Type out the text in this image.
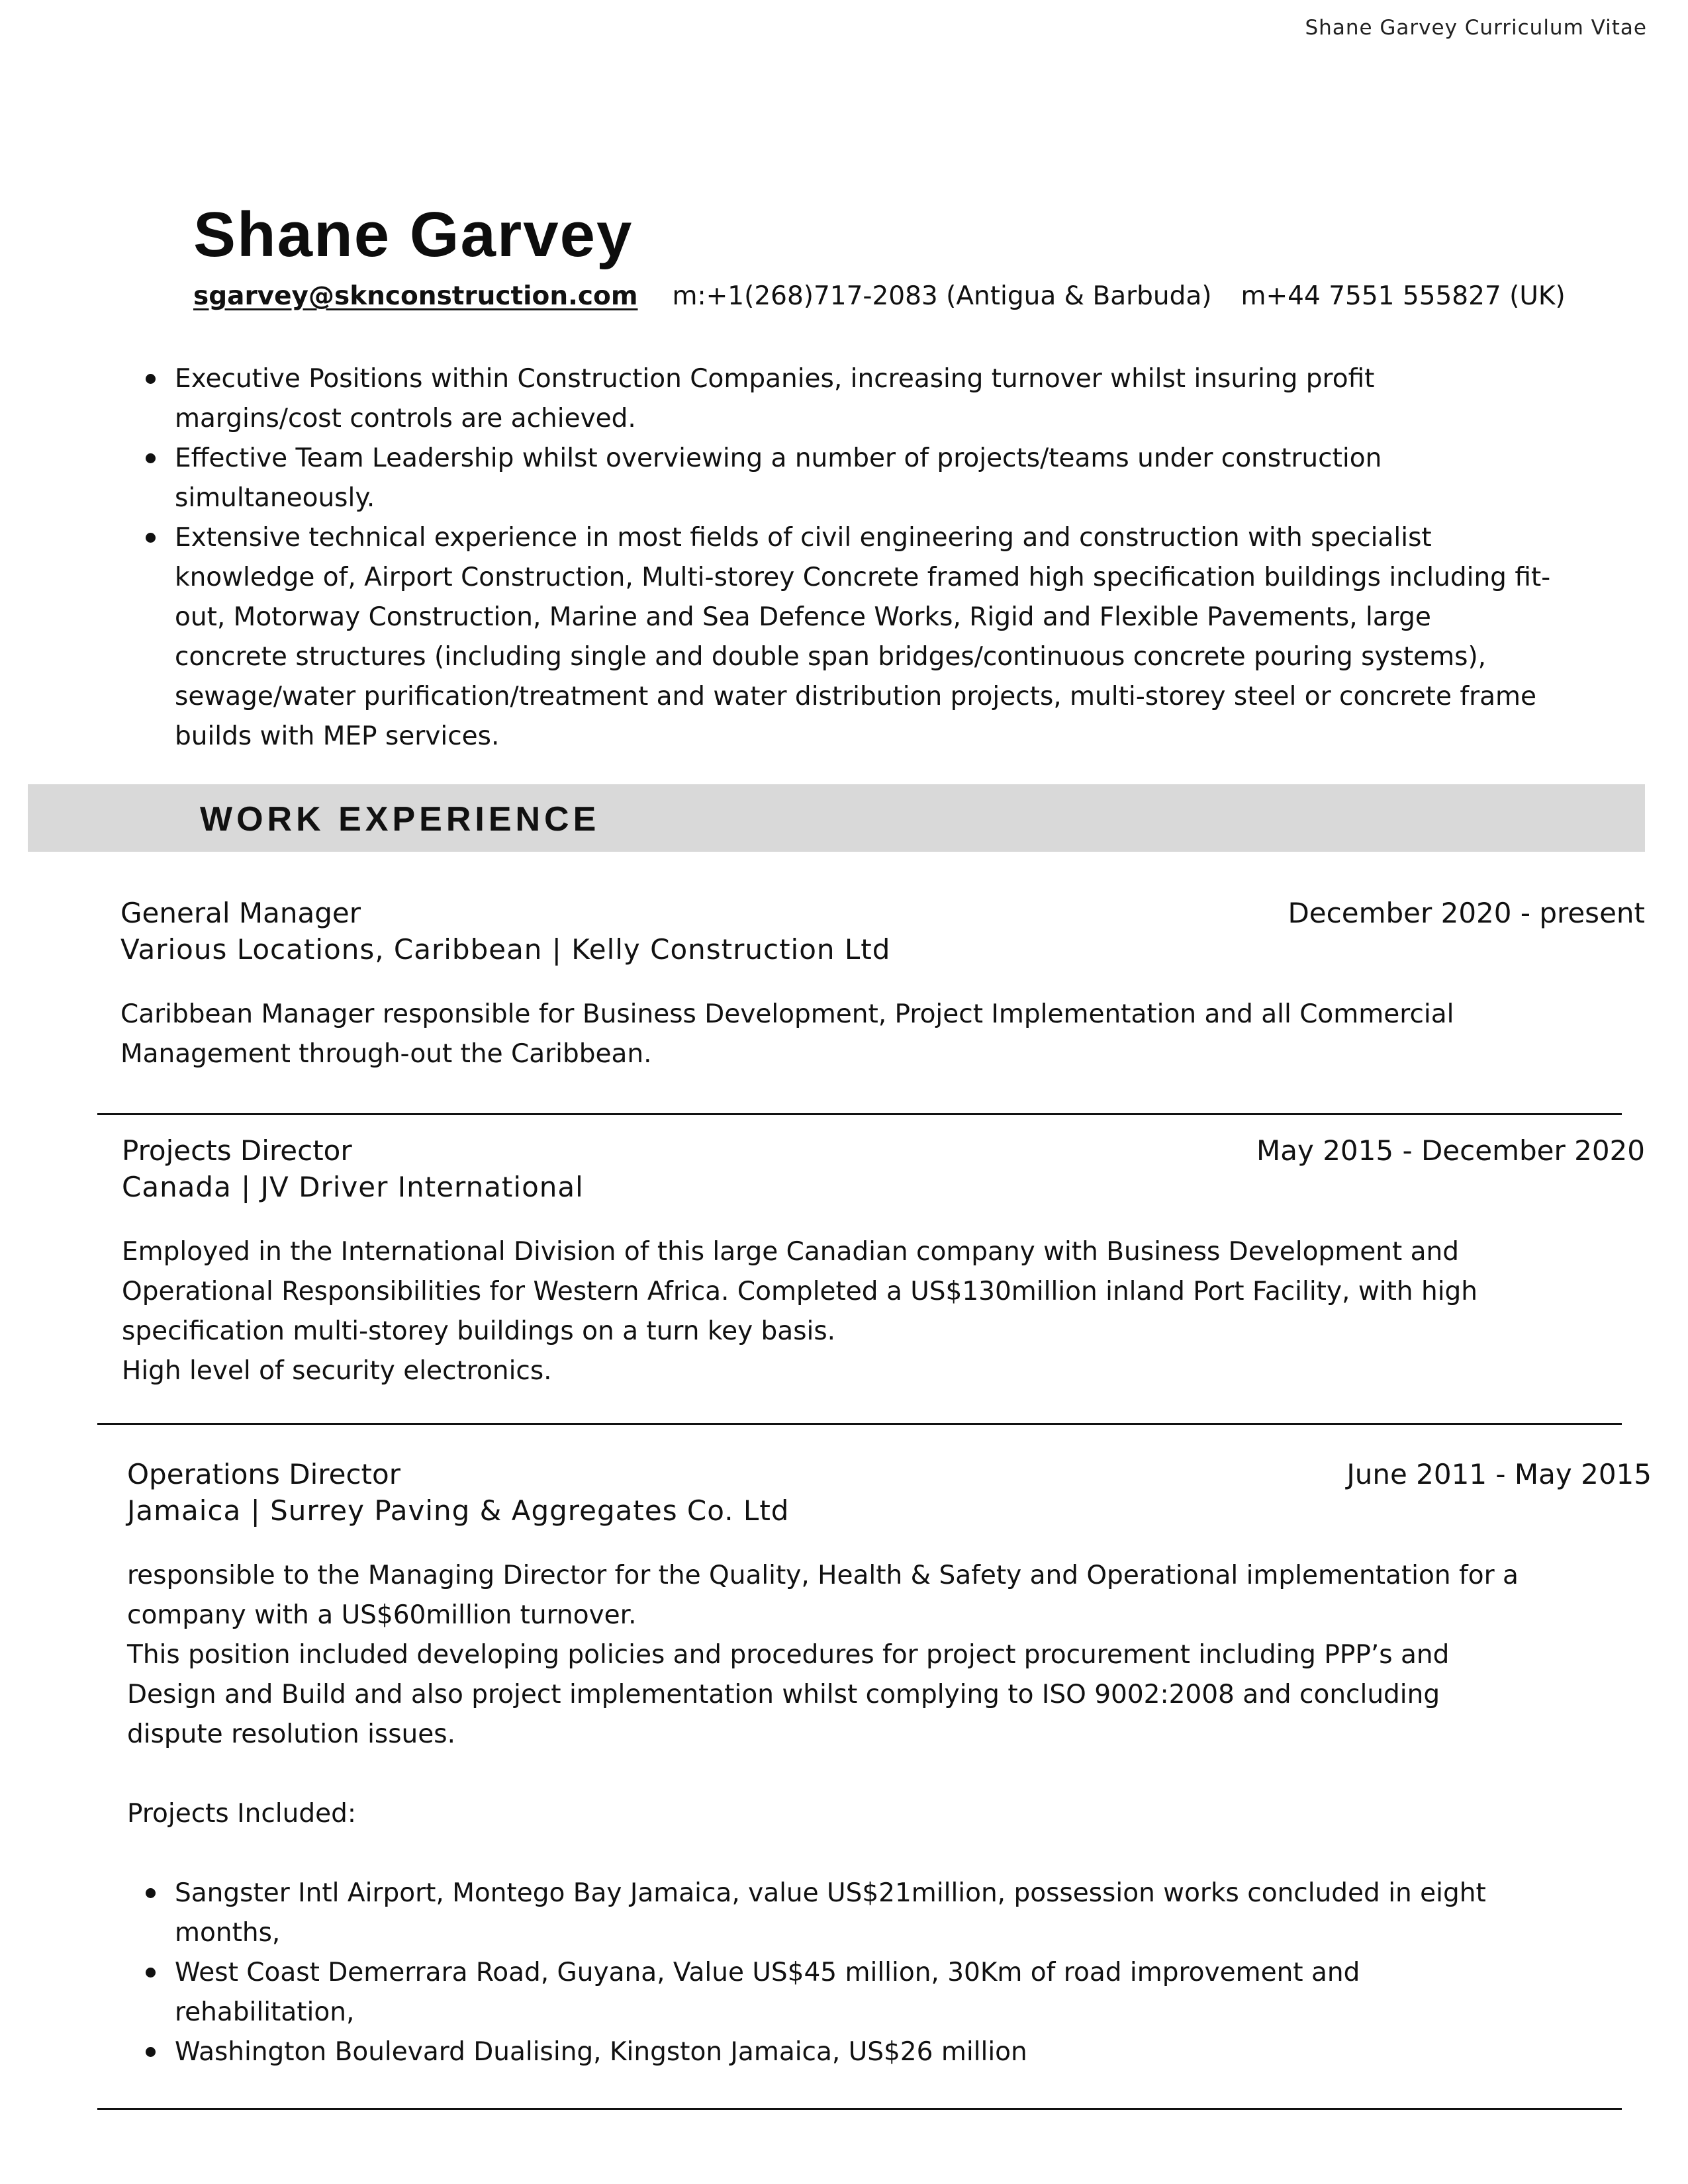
Shane Garvey Curriculum Vitae
Shane Garvey
sgarvey@sknconstruction.com m:+1(268)717-2083 (Antigua & Barbuda) m+44 7551 555827 (UK)
Executive Positions within Construction Companies, increasing turnover whilst insuring profit margins/cost controls are achieved.
Effective Team Leadership whilst overviewing a number of projects/teams under construction simultaneously.
Extensive technical experience in most fields of civil engineering and construction with specialist knowledge of, Airport Construction, Multi-storey Concrete framed high specification buildings including fit-out, Motorway Construction, Marine and Sea Defence Works, Rigid and Flexible Pavements, large concrete structures (including single and double span bridges/continuous concrete pouring systems), sewage/water purification/treatment and water distribution projects, multi-storey steel or concrete frame builds with MEP services.
WORK EXPERIENCE
General Manager	December 2020 - present
Various Locations, Caribbean | Kelly Construction Ltd

Caribbean Manager responsible for Business Development, Project Implementation and all Commercial Management through-out the Caribbean.

Projects Director	May 2015 - December 2020
Canada | JV Driver International

Employed in the International Division of this large Canadian company with Business Development and Operational Responsibilities for Western Africa. Completed a US$130million inland Port Facility, with high specification multi-storey buildings on a turn key basis.

High level of security electronics.

Operations Director	June 2011 - May 2015
Jamaica | Surrey Paving & Aggregates Co. Ltd

responsible to the Managing Director for the Quality, Health & Safety and Operational implementation for a company with a US$60million turnover.

This position included developing policies and procedures for project procurement including PPP’s and Design and Build and also project implementation whilst complying to ISO 9002:2008 and concluding dispute resolution issues.

Projects Included:

Sangster Intl Airport, Montego Bay Jamaica, value US$21million, possession works concluded in eight months,
West Coast Demerrara Road, Guyana, Value US$45 million, 30Km of road improvement and rehabilitation,
Washington Boulevard Dualising, Kingston Jamaica, US$26 million
